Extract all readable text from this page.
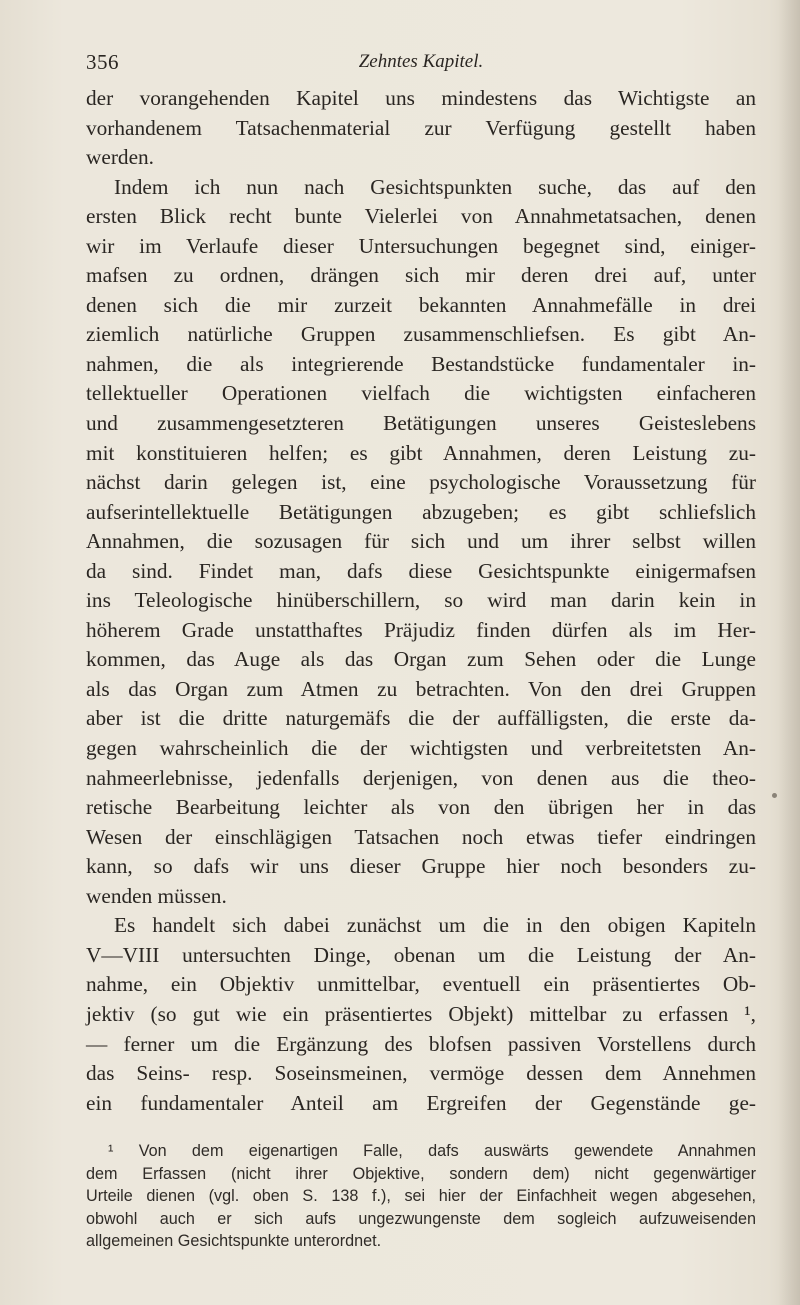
356	Zehntes Kapitel.
der vorangehenden Kapitel uns mindestens das Wichtigste an
vorhandenem Tatsachenmaterial zur Verfügung gestellt haben
werden.
Indem ich nun nach Gesichtspunkten suche, das auf den
ersten Blick recht bunte Vielerlei von Annahmetatsachen, denen
wir im Verlaufe dieser Untersuchungen begegnet sind, einiger-
mafsen zu ordnen, drängen sich mir deren drei auf, unter
denen sich die mir zurzeit bekannten Annahmefälle in drei
ziemlich natürliche Gruppen zusammenschliefsen. Es gibt An-
nahmen, die als integrierende Bestandstücke fundamentaler in-
tellektueller Operationen vielfach die wichtigsten einfacheren
und zusammengesetzteren Betätigungen unseres Geisteslebens
mit konstituieren helfen; es gibt Annahmen, deren Leistung zu-
nächst darin gelegen ist, eine psychologische Voraussetzung für
aufserintellektuelle Betätigungen abzugeben; es gibt schliefslich
Annahmen, die sozusagen für sich und um ihrer selbst willen
da sind. Findet man, dafs diese Gesichtspunkte einigermafsen
ins Teleologische hinüberschillern, so wird man darin kein in
höherem Grade unstatthaftes Präjudiz finden dürfen als im Her-
kommen, das Auge als das Organ zum Sehen oder die Lunge
als das Organ zum Atmen zu betrachten. Von den drei Gruppen
aber ist die dritte naturgemäfs die der auffälligsten, die erste da-
gegen wahrscheinlich die der wichtigsten und verbreitetsten An-
nahmeerlebnisse, jedenfalls derjenigen, von denen aus die theo-
retische Bearbeitung leichter als von den übrigen her in das
Wesen der einschlägigen Tatsachen noch etwas tiefer eindringen
kann, so dafs wir uns dieser Gruppe hier noch besonders zu-
wenden müssen.
Es handelt sich dabei zunächst um die in den obigen Kapiteln
V—VIII untersuchten Dinge, obenan um die Leistung der An-
nahme, ein Objektiv unmittelbar, eventuell ein präsentiertes Ob-
jektiv (so gut wie ein präsentiertes Objekt) mittelbar zu erfassen ¹,
— ferner um die Ergänzung des blofsen passiven Vorstellens durch
das Seins- resp. Soseinsmeinen, vermöge dessen dem Annehmen
ein fundamentaler Anteil am Ergreifen der Gegenstände ge-
¹ Von dem eigenartigen Falle, dafs auswärts gewendete Annahmen
dem Erfassen (nicht ihrer Objektive, sondern dem) nicht gegenwärtiger
Urteile dienen (vgl. oben S. 138 f.), sei hier der Einfachheit wegen abgesehen,
obwohl auch er sich aufs ungezwungenste dem sogleich aufzuweisenden
allgemeinen Gesichtspunkte unterordnet.
